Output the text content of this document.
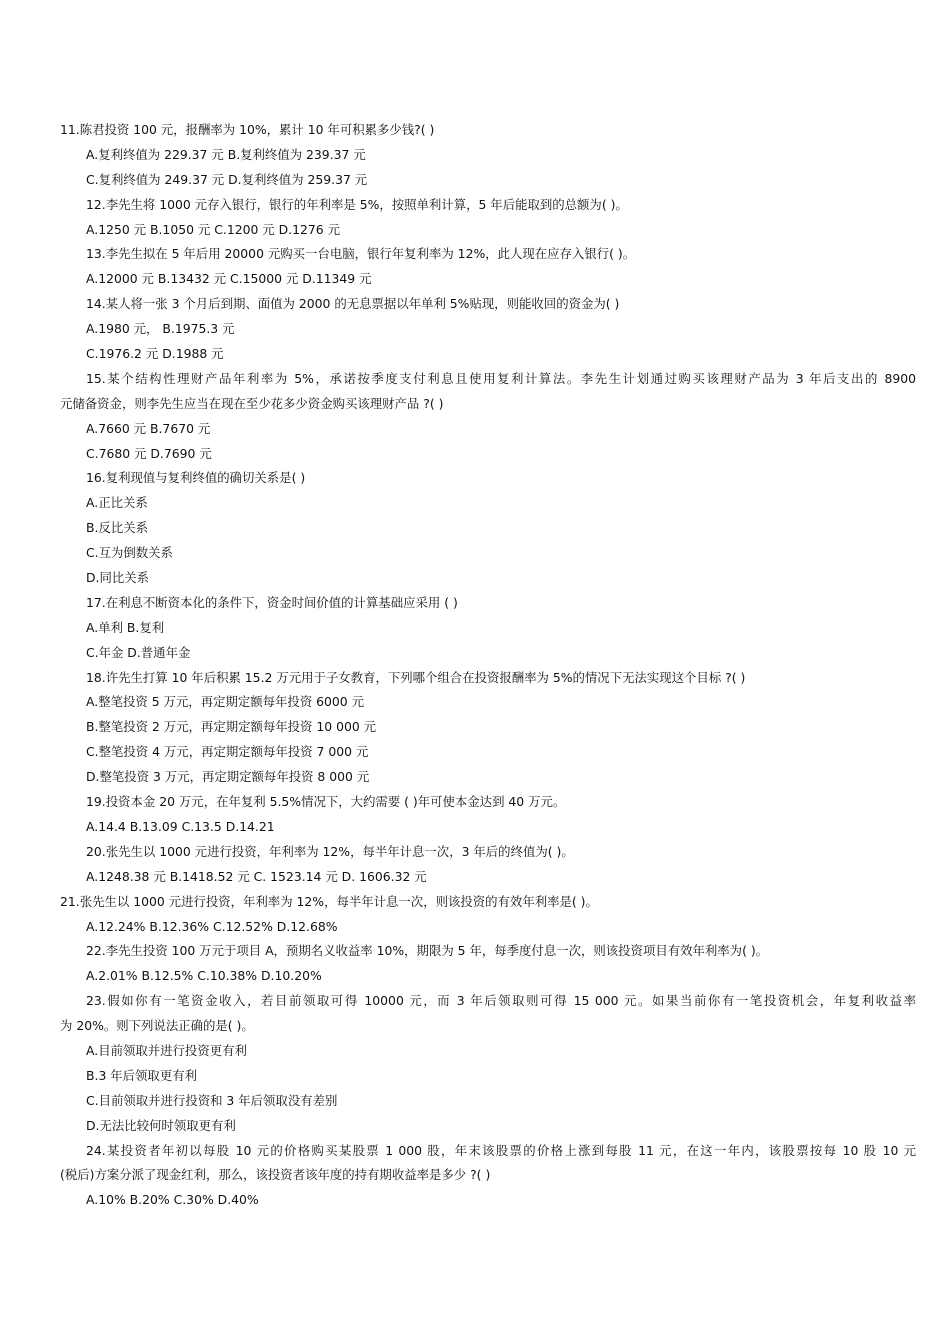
11.陈君投资 100 元，报酬率为 10%，累计 10 年可积累多少钱?( )
A.复利终值为 229.37 元 B.复利终值为 239.37 元
C.复利终值为 249.37 元 D.复利终值为 259.37 元
12.李先生将 1000 元存入银行，银行的年利率是 5%，按照单利计算，5 年后能取到的总额为( )。
A.1250 元 B.1050 元 C.1200 元 D.1276 元
13.李先生拟在 5 年后用 20000 元购买一台电脑，银行年复利率为 12%，此人现在应存入银行( )。
A.12000 元 B.13432 元 C.15000 元 D.11349 元
14.某人将一张 3 个月后到期、面值为 2000 的无息票据以年单利 5%贴现，则能收回的资金为( )
A.1980 元， B.1975.3 元
C.1976.2 元 D.1988 元
15.某个结构性理财产品年利率为 5%，承诺按季度支付利息且使用复利计算法。李先生计划通过购买该理财产品为 3 年后支出的 8900
元储备资金，则李先生应当在现在至少花多少资金购买该理财产品 ?( )
A.7660 元 B.7670 元
C.7680 元 D.7690 元
16.复利现值与复利终值的确切关系是( )
A.正比关系
B.反比关系
C.互为倒数关系
D.同比关系
17.在利息不断资本化的条件下，资金时间价值的计算基础应采用 ( )
A.单利 B.复利
C.年金 D.普通年金
18.许先生打算 10 年后积累 15.2 万元用于子女教育，下列哪个组合在投资报酬率为 5%的情况下无法实现这个目标 ?( )
A.整笔投资 5 万元，再定期定额每年投资 6000 元
B.整笔投资 2 万元，再定期定额每年投资 10 000 元
C.整笔投资 4 万元，再定期定额每年投资 7 000 元
D.整笔投资 3 万元，再定期定额每年投资 8 000 元
19.投资本金 20 万元，在年复利 5.5%情况下，大约需要 ( )年可使本金达到 40 万元。
A.14.4 B.13.09 C.13.5 D.14.21
20.张先生以 1000 元进行投资，年利率为 12%，每半年计息一次，3 年后的终值为( )。
A.1248.38 元 B.1418.52 元 C. 1523.14 元 D. 1606.32 元
21.张先生以 1000 元进行投资，年利率为 12%，每半年计息一次，则该投资的有效年利率是( )。
A.12.24% B.12.36% C.12.52% D.12.68%
22.李先生投资 100 万元于项目 A，预期名义收益率 10%，期限为 5 年，每季度付息一次，则该投资项目有效年利率为( )。
A.2.01% B.12.5% C.10.38% D.10.20%
23.假如你有一笔资金收入，若目前领取可得 10000 元，而 3 年后领取则可得 15 000 元。如果当前你有一笔投资机会，年复利收益率
为 20%。则下列说法正确的是( )。
A.目前领取并进行投资更有利
B.3 年后领取更有利
C.目前领取并进行投资和 3 年后领取没有差别
D.无法比较何时领取更有利
24.某投资者年初以每股 10 元的价格购买某股票 1 000 股，年末该股票的价格上涨到每股 11 元，在这一年内，该股票按每 10 股 10 元
(税后)方案分派了现金红利，那么，该投资者该年度的持有期收益率是多少 ?( )
A.10% B.20% C.30% D.40%
